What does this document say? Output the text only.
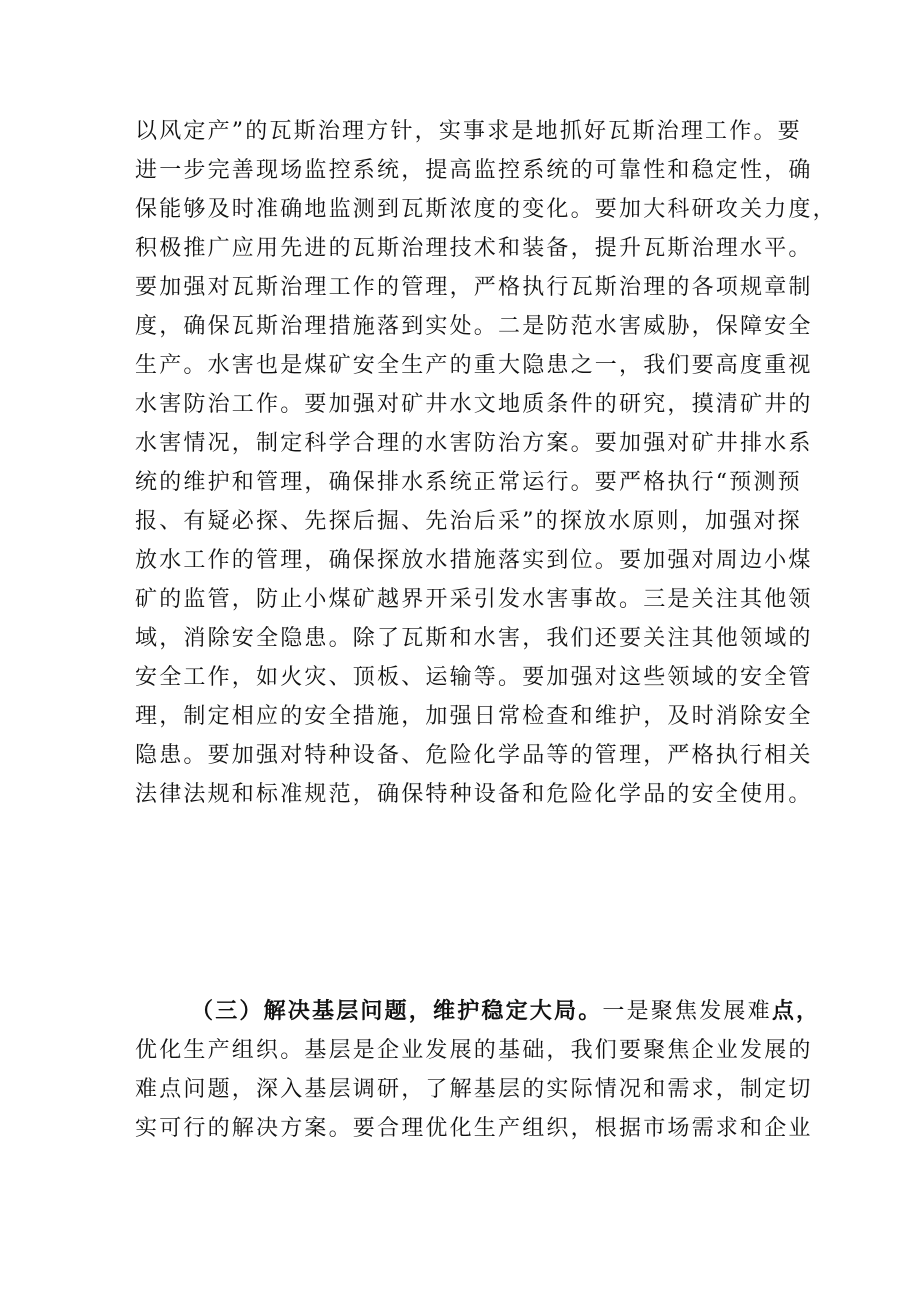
以风定产”的瓦斯治理方针，实事求是地抓好瓦斯治理工作。要
进一步完善现场监控系统，提高监控系统的可靠性和稳定性，确
保能够及时准确地监测到瓦斯浓度的变化。要加大科研攻关力度，
积极推广应用先进的瓦斯治理技术和装备，提升瓦斯治理水平。
要加强对瓦斯治理工作的管理，严格执行瓦斯治理的各项规章制
度，确保瓦斯治理措施落到实处。二是防范水害威胁，保障安全
生产。水害也是煤矿安全生产的重大隐患之一，我们要高度重视
水害防治工作。要加强对矿井水文地质条件的研究，摸清矿井的
水害情况，制定科学合理的水害防治方案。要加强对矿井排水系
统的维护和管理，确保排水系统正常运行。要严格执行“预测预
报、有疑必探、先探后掘、先治后采”的探放水原则，加强对探
放水工作的管理，确保探放水措施落实到位。要加强对周边小煤
矿的监管，防止小煤矿越界开采引发水害事故。三是关注其他领
域，消除安全隐患。除了瓦斯和水害，我们还要关注其他领域的
安全工作，如火灾、顶板、运输等。要加强对这些领域的安全管
理，制定相应的安全措施，加强日常检查和维护，及时消除安全
隐患。要加强对特种设备、危险化学品等的管理，严格执行相关
法律法规和标准规范，确保特种设备和危险化学品的安全使用。
（三）解决基层问题，维护稳定大局。一是聚焦发展难点，
优化生产组织。基层是企业发展的基础，我们要聚焦企业发展的
难点问题，深入基层调研，了解基层的实际情况和需求，制定切
实可行的解决方案。要合理优化生产组织，根据市场需求和企业
